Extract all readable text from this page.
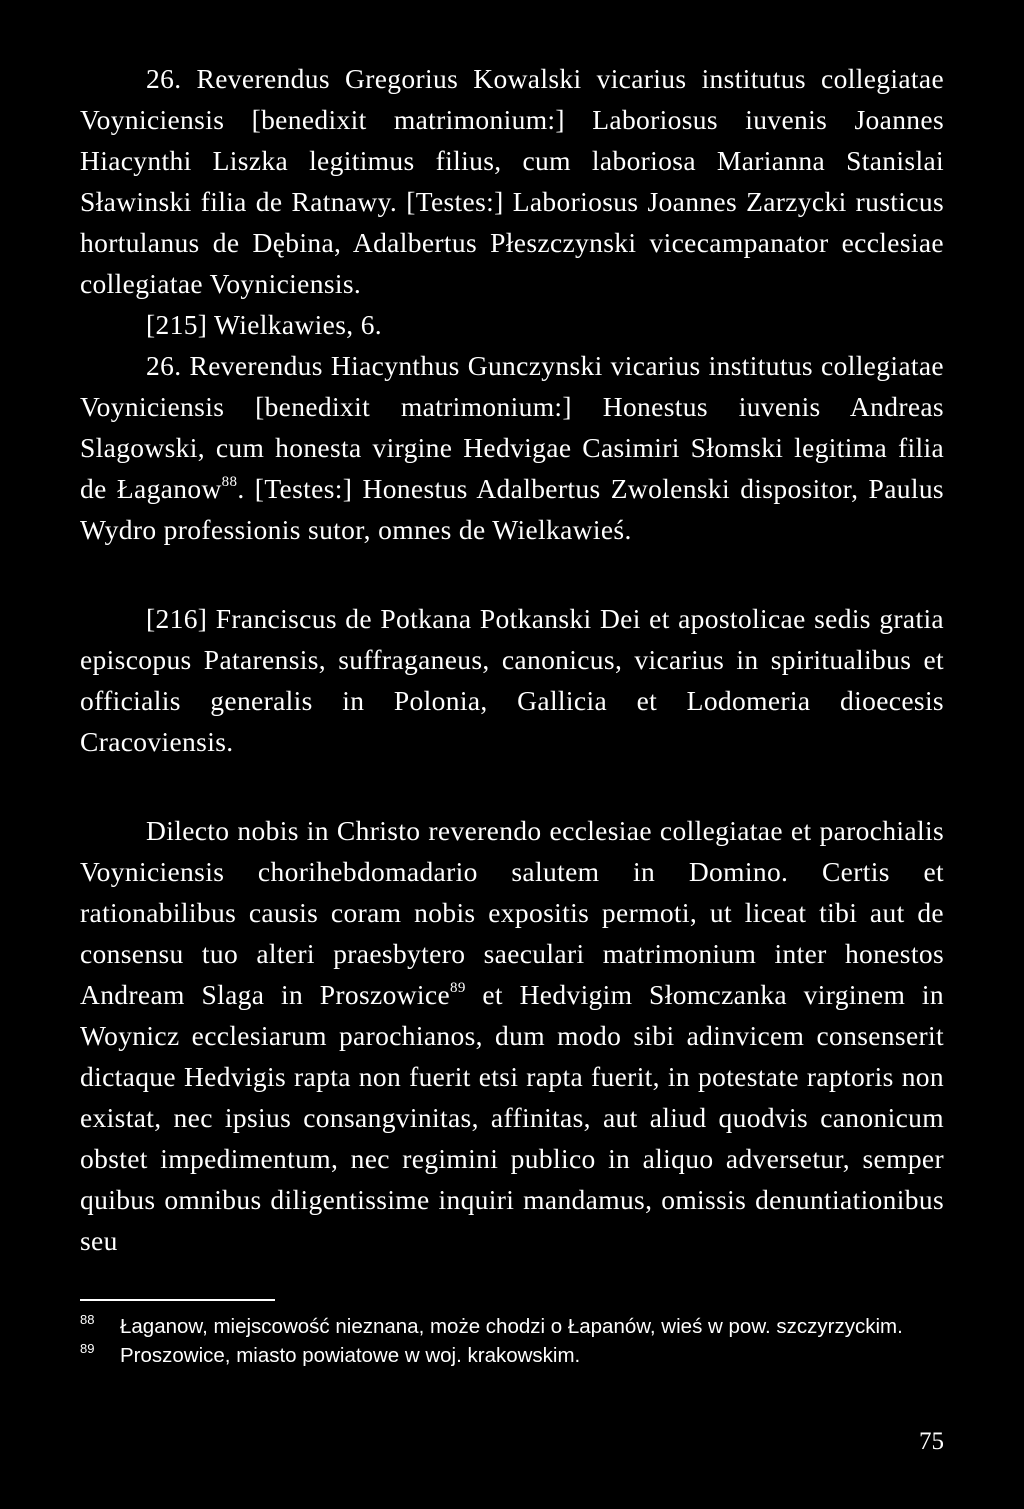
26. Reverendus Gregorius Kowalski vicarius institutus collegiatae Voyniciensis [benedixit matrimonium:] Laboriosus iuvenis Joannes Hiacynthi Liszka legitimus filius, cum laboriosa Marianna Stanislai Sławinski filia de Ratnawy. [Testes:] Laboriosus Joannes Zarzycki rusticus hortulanus de Dębina, Adalbertus Płeszczynski vicecampanator ecclesiae collegiatae Voyniciensis.

[215] Wielkawies, 6.

26. Reverendus Hiacynthus Gunczynski vicarius institutus collegiatae Voyniciensis [benedixit matrimonium:] Honestus iuvenis Andreas Slagowski, cum honesta virgine Hedvigae Casimiri Słomski legitima filia de Łaganow$^{88}$. [Testes:] Honestus Adalbertus Zwolenski dispositor, Paulus Wydro professionis sutor, omnes de Wielkawieś.

[216] Franciscus de Potkana Potkanski Dei et apostolicae sedis gratia episcopus Patarensis, suffraganeus, canonicus, vicarius in spiritualibus et officialis generalis in Polonia, Gallicia et Lodomeria dioecesis Cracoviensis.

Dilecto nobis in Christo reverendo ecclesiae collegiatae et parochialis Voyniciensis chorihebdomadario salutem in Domino. Certis et rationabilibus causis coram nobis expositis permoti, ut liceat tibi aut de consensu tuo alteri praesbytero saeculari matrimonium inter honestos Andream Slaga in Proszowice$^{89}$ et Hedvigim Słomczanka virginem in Woynicz ecclesiarum parochianos, dum modo sibi adinvicem consenserit dictaque Hedvigis rapta non fuerit etsi rapta fuerit, in potestate raptoris non existat, nec ipsius consangvinitas, affinitas, aut aliud quodvis canonicum obstet impedimentum, nec regimini publico in aliquo adversetur, semper quibus omnibus diligentissime inquiri mandamus, omissis denuntiationibus seu

$^{88}$ Łaganow, miejscowość nieznana, może chodzi o Łapanów, wieś w pow. szczyrzyckim.

$^{89}$ Proszowice, miasto powiatowe w woj. krakowskim.

75
